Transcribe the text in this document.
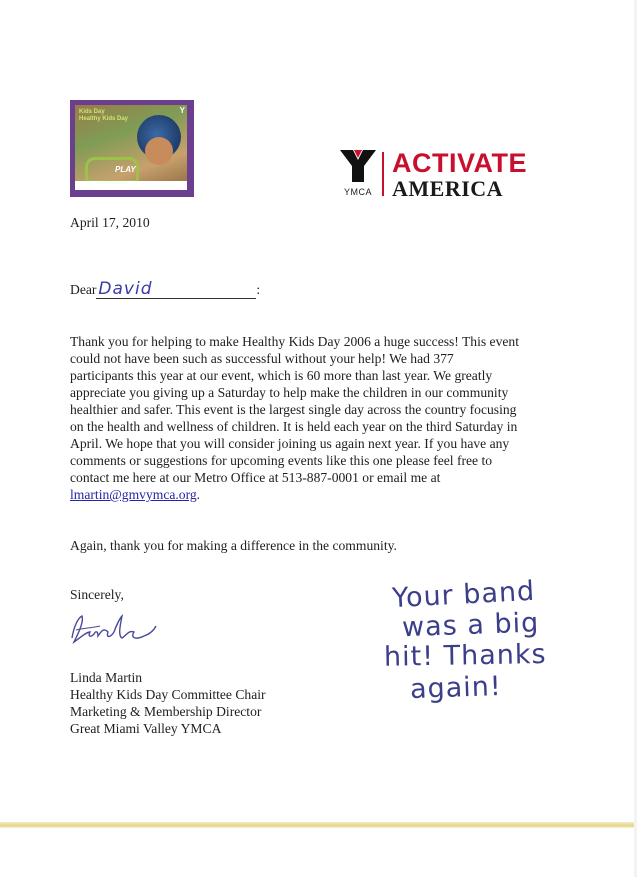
Kids Day
Healthy Kids Day
PLAY
Y
YMCA
ACTIVATE
AMERICA
April 17, 2010
Dear David	:
Thank you for helping to make Healthy Kids Day 2006 a huge success! This event
could not have been such as successful without your help! We had 377
participants this year at our event, which is 60 more than last year. We greatly
appreciate you giving up a Saturday to help make the children in our community
healthier and safer. This event is the largest single day across the country focusing
on the health and wellness of children. It is held each year on the third Saturday in
April. We hope that you will consider joining us again next year. If you have any
comments or suggestions for upcoming events like this one please feel free to
contact me here at our Metro Office at 513-887-0001 or email me at
lmartin@gmvymca.org.
Again, thank you for making a difference in the community.
Sincerely,
Linda Martin
Healthy Kids Day Committee Chair
Marketing & Membership Director
Great Miami Valley YMCA
Your band
was a big
hit! Thanks
again!
